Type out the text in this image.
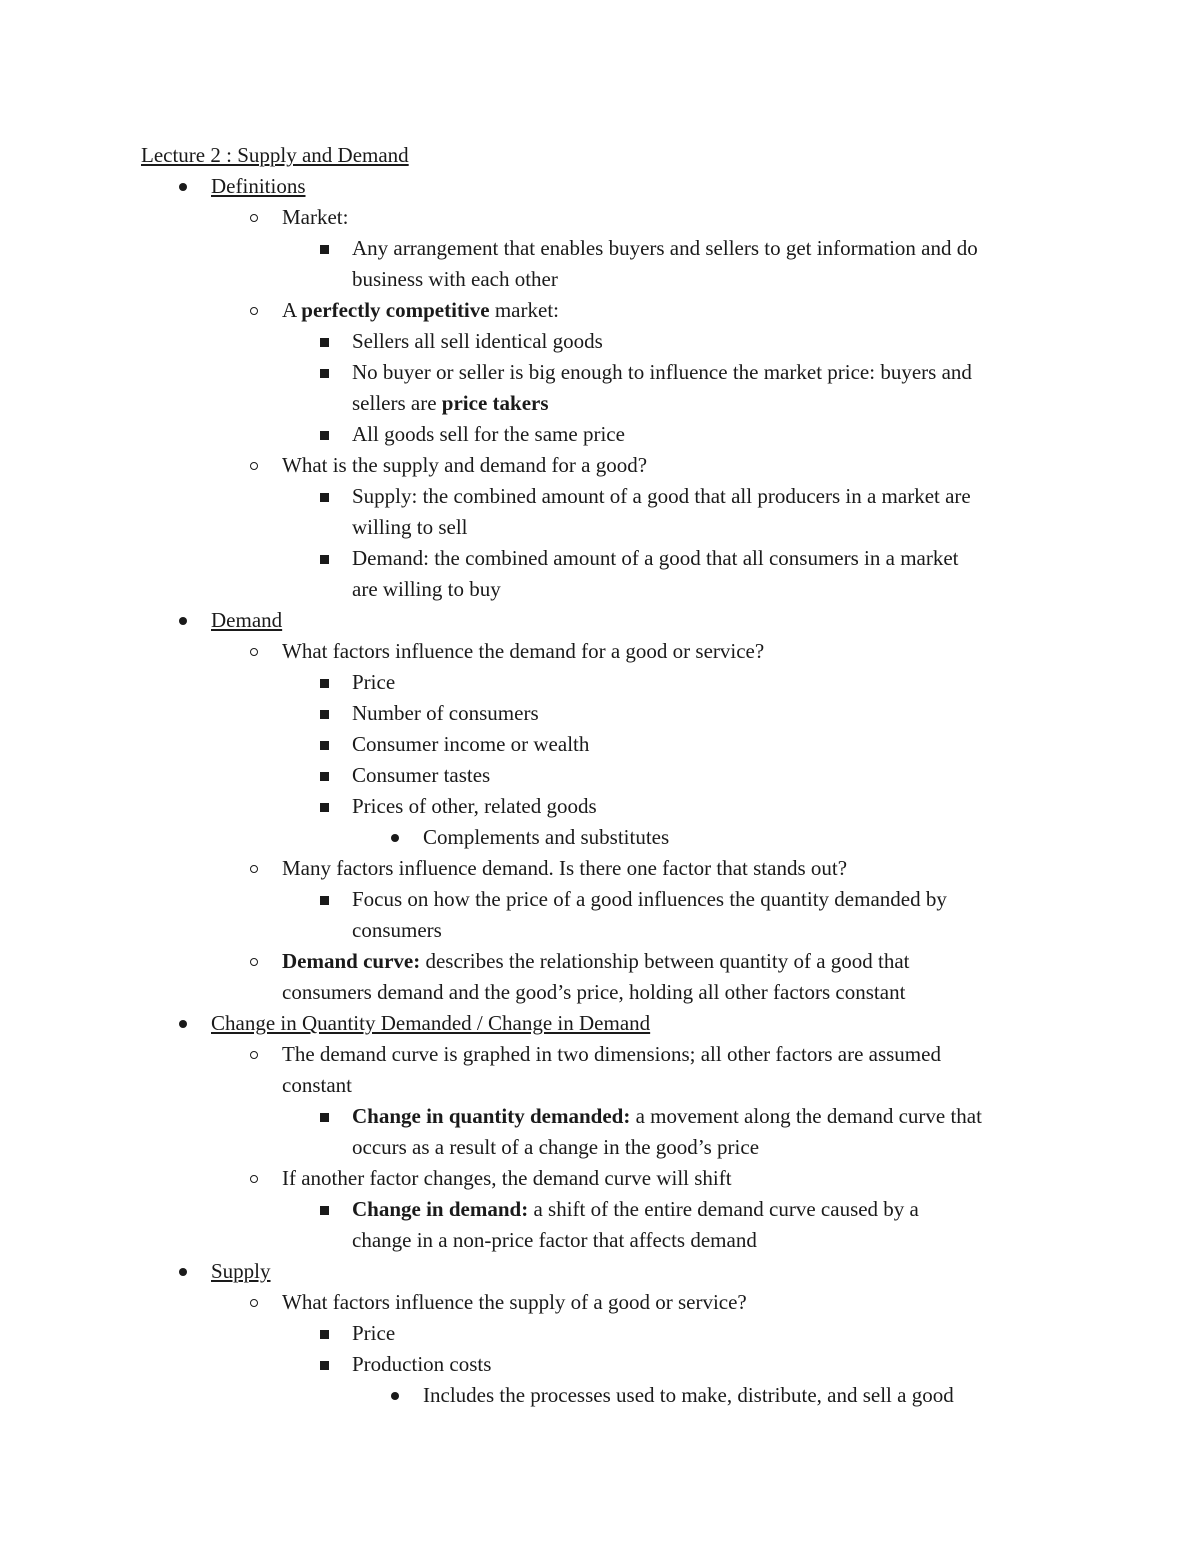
Lecture 2 : Supply and Demand
Definitions
Market:
Any arrangement that enables buyers and sellers to get information and do
business with each other
A perfectly competitive market:
Sellers all sell identical goods
No buyer or seller is big enough to influence the market price: buyers and
sellers are price takers
All goods sell for the same price
What is the supply and demand for a good?
Supply: the combined amount of a good that all producers in a market are
willing to sell
Demand: the combined amount of a good that all consumers in a market
are willing to buy
Demand
What factors influence the demand for a good or service?
Price
Number of consumers
Consumer income or wealth
Consumer tastes
Prices of other, related goods
Complements and substitutes
Many factors influence demand. Is there one factor that stands out?
Focus on how the price of a good influences the quantity demanded by
consumers
Demand curve: describes the relationship between quantity of a good that
consumers demand and the good’s price, holding all other factors constant
Change in Quantity Demanded / Change in Demand
The demand curve is graphed in two dimensions; all other factors are assumed
constant
Change in quantity demanded: a movement along the demand curve that
occurs as a result of a change in the good’s price
If another factor changes, the demand curve will shift
Change in demand: a shift of the entire demand curve caused by a
change in a non-price factor that affects demand
Supply
What factors influence the supply of a good or service?
Price
Production costs
Includes the processes used to make, distribute, and sell a good
